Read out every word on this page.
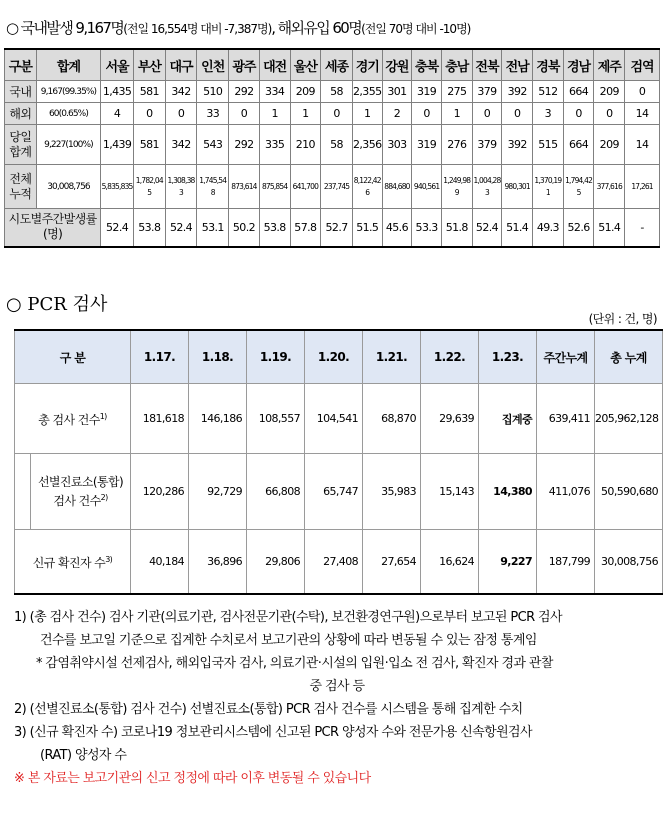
○ 국내발생 9,167명(전일 16,554명 대비 -7,387명), 해외유입 60명(전일 70명 대비 -10명)
구분	합계	서울	부산	대구	인천	광주	대전	울산	세종	경기	강원	충북	충남	전북	전남	경북	경남	제주	검역
국내	9,167(99.35%)	1,435	581	342	510	292	334	209	58	2,355	301	319	275	379	392	512	664	209	0
해외	60(0.65%)	4	0	0	33	0	1	1	0	1	2	0	1	0	0	3	0	0	14
당일 합계	9,227(100%)	1,439	581	342	543	292	335	210	58	2,356	303	319	276	379	392	515	664	209	14
전체 누적	30,008,756	5,835,835	1,782,045	1,308,383	1,745,548	873,614	875,854	641,700	237,745	8,122,426	884,680	940,561	1,249,989	1,004,283	980,301	1,370,191	1,794,425	377,616	17,261
시도별주간발생률(명)		52.4	53.8	52.4	53.1	50.2	53.8	57.8	52.7	51.5	45.6	53.3	51.8	52.4	51.4	49.3	52.6	51.4	-
○ PCR 검사
(단위 : 건, 명)
구 분		1.17.	1.18.	1.19.	1.20.	1.21.	1.22.	1.23.	주간누계	총 누계
총 검사 건수$^{1)}$		181,618	146,186	108,557	104,541	68,870	29,639	집계중	639,411	205,962,128
	선별진료소(통합) 검사 건수$^{2)}$	120,286	92,729	66,808	65,747	35,983	15,143	14,380	411,076	50,590,680
신규 확진자 수$^{3)}$		40,184	36,896	29,806	27,408	27,654	16,624	9,227	187,799	30,008,756

1) (총 검사 건수) 검사 기관(의료기관, 검사전문기관(수탁), 보건환경연구원)으로부터 보고된 PCR 검사

건수를 보고일 기준으로 집계한 수치로서 보고기관의 상황에 따라 변동될 수 있는 잠정 통계임

* 감염취약시설 선제검사, 해외입국자 검사, 의료기관·시설의 입원·입소 전 검사, 확진자 경과 관찰

중 검사 등

2) (선별진료소(통합) 검사 건수) 선별진료소(통합) PCR 검사 건수를 시스템을 통해 집계한 수치

3) (신규 확진자 수) 코로나19 정보관리시스템에 신고된 PCR 양성자 수와 전문가용 신속항원검사

(RAT) 양성자 수

※ 본 자료는 보고기관의 신고 정정에 따라 이후 변동될 수 있습니다
